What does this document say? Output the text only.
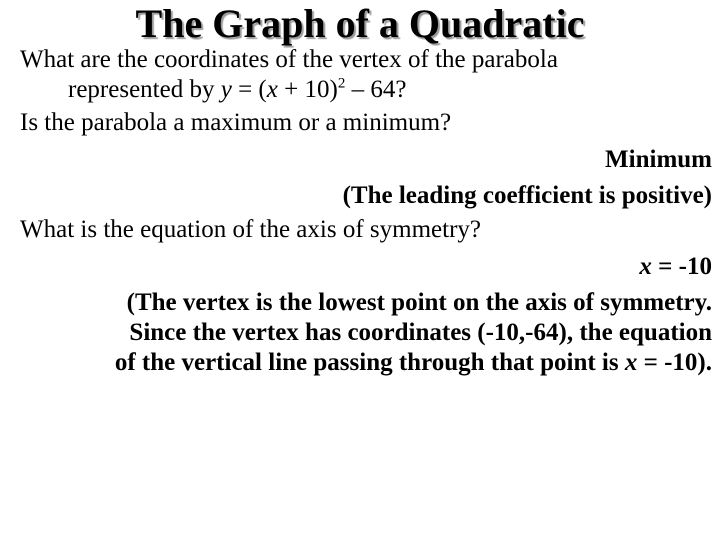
The Graph of a Quadratic
What are the coordinates of the vertex of the parabola
represented by $y = (x + 10)^2 - 64$?
Is the parabola a maximum or a minimum?
Minimum
(The leading coefficient is positive)
What is the equation of the axis of symmetry?
x = -10
(The vertex is the lowest point on the axis of symmetry.
Since the vertex has coordinates (-10,-64), the equation
of the vertical line passing through that point is x = -10).
